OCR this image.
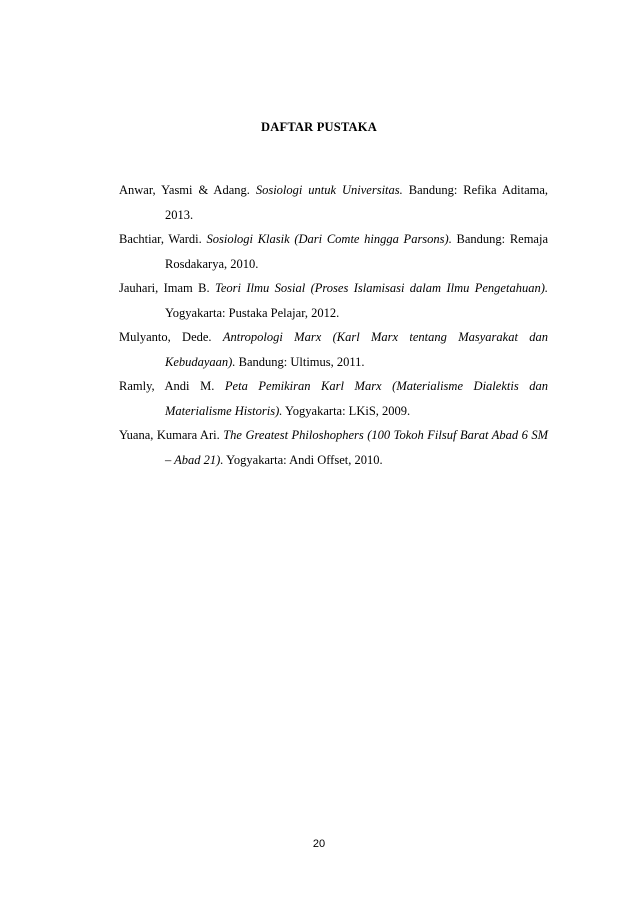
DAFTAR PUSTAKA

Anwar, Yasmi & Adang. Sosiologi untuk Universitas. Bandung: Refika Aditama, 2013.

Bachtiar, Wardi. Sosiologi Klasik (Dari Comte hingga Parsons). Bandung: Remaja Rosdakarya, 2010.

Jauhari, Imam B. Teori Ilmu Sosial (Proses Islamisasi dalam Ilmu Pengetahuan). Yogyakarta: Pustaka Pelajar, 2012.

Mulyanto, Dede. Antropologi Marx (Karl Marx tentang Masyarakat dan Kebudayaan). Bandung: Ultimus, 2011.

Ramly, Andi M. Peta Pemikiran Karl Marx (Materialisme Dialektis dan Materialisme Historis). Yogyakarta: LKiS, 2009.

Yuana, Kumara Ari. The Greatest Philoshophers (100 Tokoh Filsuf Barat Abad 6 SM – Abad 21). Yogyakarta: Andi Offset, 2010.

20
